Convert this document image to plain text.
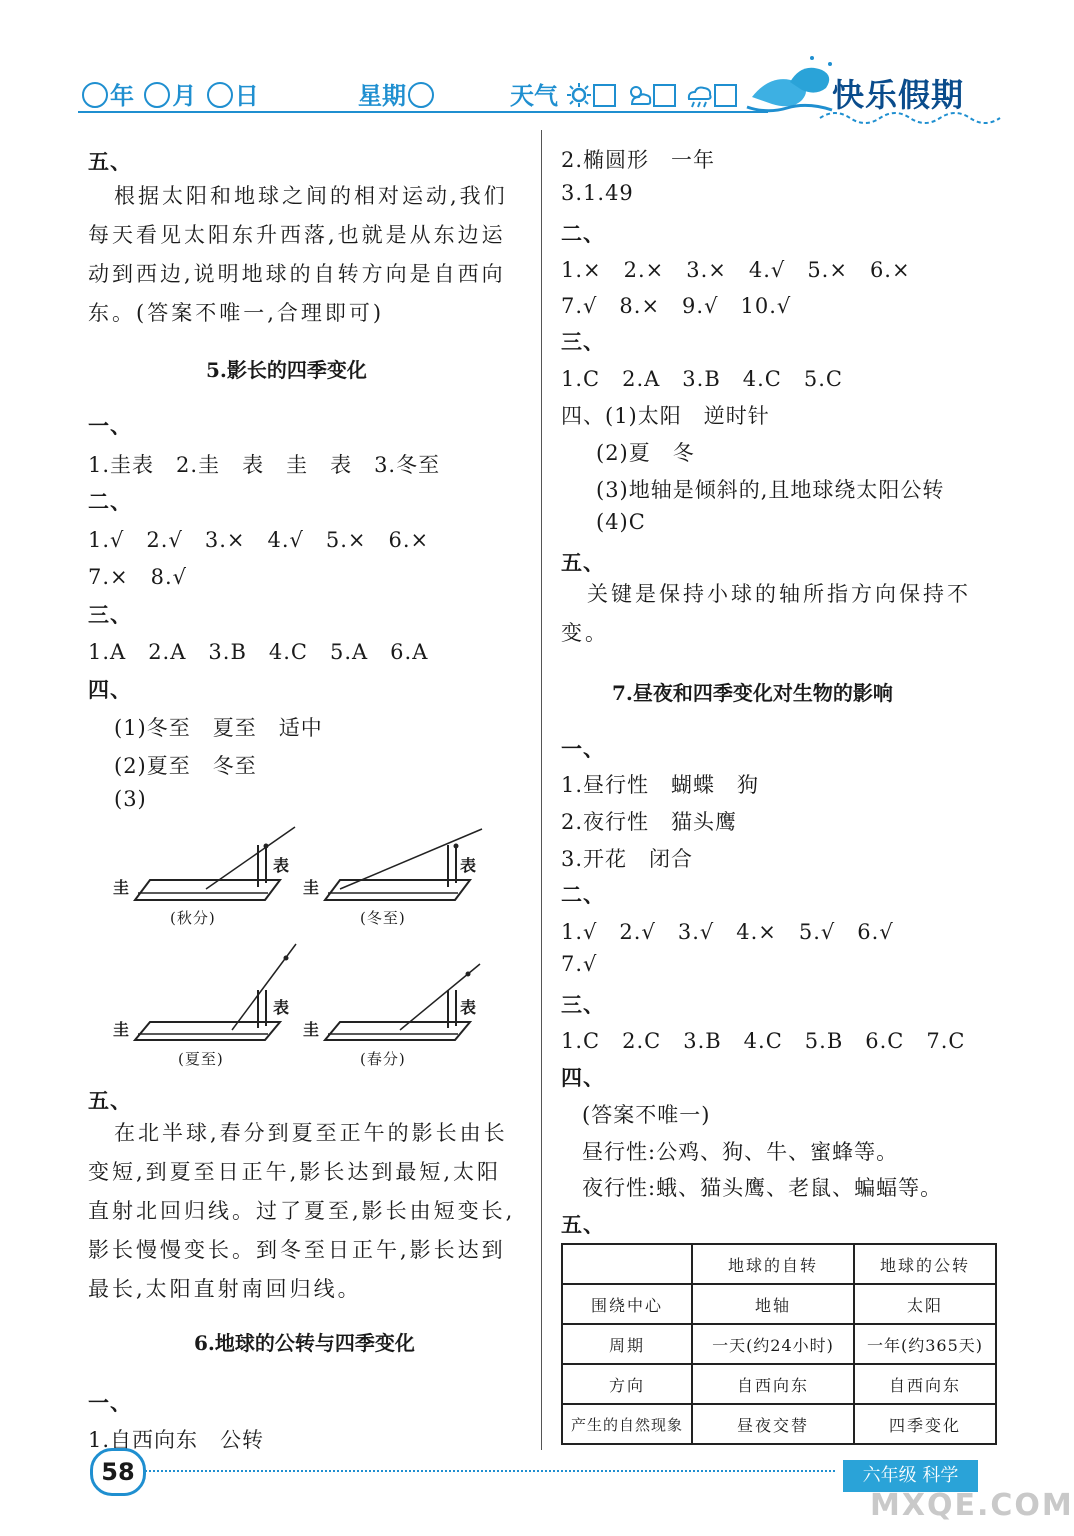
年 月 日	星期	天气	快乐假期
五、
根据太阳和地球之间的相对运动,我们每天看见太阳东升西落,也就是从东边运动到西边,说明地球的自转方向是自西向东。(答案不唯一,合理即可)
5.影长的四季变化
一、
1.圭表　2.圭　表　圭　表　3.冬至
二、
1.√　2.√　3.×　4.√　5.×　6.×
7.×　8.√
三、
1.A　2.A　3.B　4.C　5.A　6.A
四、
(1)冬至　夏至　适中
(2)夏至　冬至
(3)
圭
表
(秋分)
圭
表
(冬至)
圭
表
(夏至)
圭
表
(春分)
五、
在北半球,春分到夏至正午的影长由长变短,到夏至日正午,影长达到最短,太阳直射北回归线。过了夏至,影长由短变长,影长慢慢变长。到冬至日正午,影长达到最长,太阳直射南回归线。
6.地球的公转与四季变化
一、
1.自西向东　公转
2.椭圆形　一年
3.1.49
二、
1.×　2.×　3.×　4.√　5.×　6.×
7.√　8.×　9.√　10.√
三、
1.C　2.A　3.B　4.C　5.C
四、(1)太阳　逆时针
(2)夏　冬
(3)地轴是倾斜的,且地球绕太阳公转
(4)C
五、
关键是保持小球的轴所指方向保持不变。
7.昼夜和四季变化对生物的影响
一、
1.昼行性　蝴蝶　狗
2.夜行性　猫头鹰
3.开花　闭合
二、
1.√　2.√　3.√　4.×　5.√　6.√
7.√
三、
1.C　2.C　3.B　4.C　5.B　6.C　7.C
四、
(答案不唯一)
昼行性:公鸡、狗、牛、蜜蜂等。
夜行性:蛾、猫头鹰、老鼠、蝙蝠等。
五、
	地球的自转	地球的公转
围绕中心	地轴	太阳
周期	一天(约24小时)	一年(约365天)
方向	自西向东	自西向东
产生的自然现象	昼夜交替	四季变化
58	六年级 科学
MXQE.COM
